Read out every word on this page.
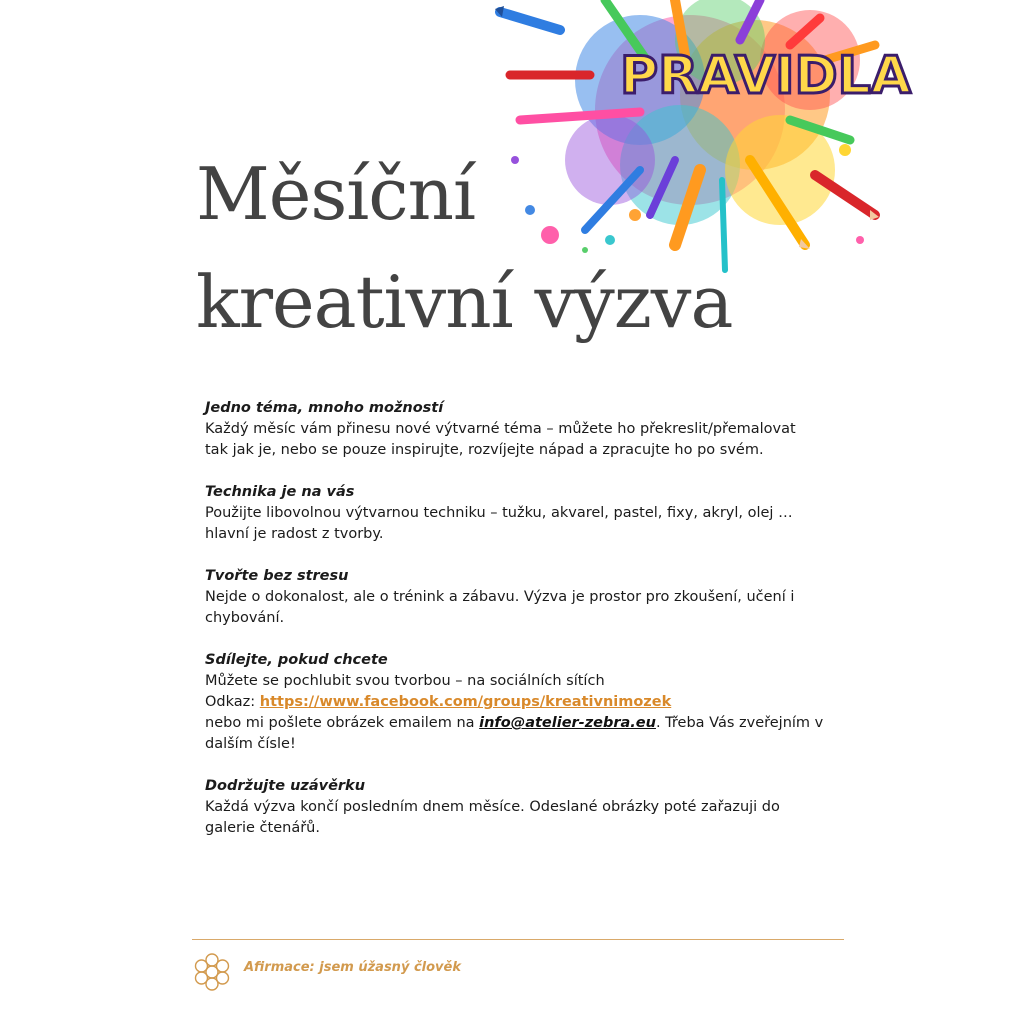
PRAVIDLA
Měsíční
kreativní výzva
Jedno téma, mnoho možností
Každý měsíc vám přinesu nové výtvarné téma – můžete ho překreslit/přemalovat
tak jak je, nebo se pouze inspirujte, rozvíjejte nápad a zpracujte ho po svém.
Technika je na vás
Použijte libovolnou výtvarnou techniku – tužku, akvarel, pastel, fixy, akryl, olej …
hlavní je radost z tvorby.
Tvořte bez stresu
Nejde o dokonalost, ale o trénink a zábavu. Výzva je prostor pro zkoušení, učení i
chybování.
Sdílejte, pokud chcete
Můžete se pochlubit svou tvorbou – na sociálních sítích
Odkaz: https://www.facebook.com/groups/kreativnimozek
nebo mi pošlete obrázek emailem na info@atelier-zebra.eu. Třeba Vás zveřejním v
dalším čísle!
Dodržujte uzávěrku
Každá výzva končí posledním dnem měsíce. Odeslané obrázky poté zařazuji do
galerie čtenářů.
Afirmace: jsem úžasný člověk
